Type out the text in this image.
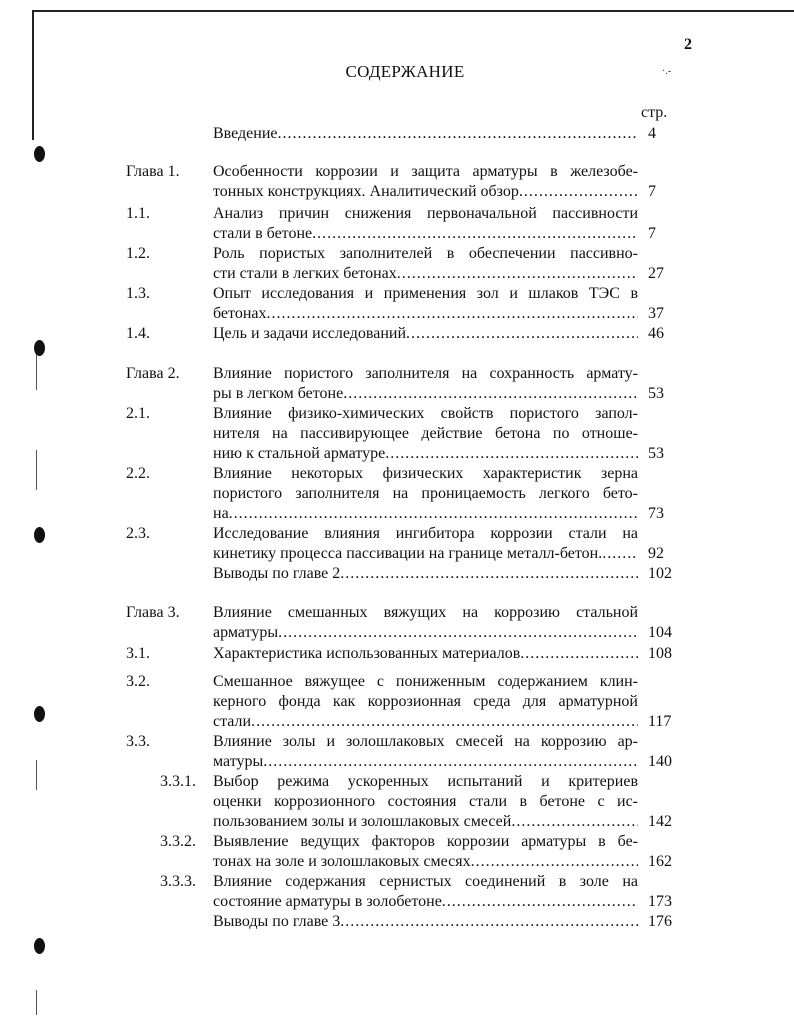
2
СОДЕРЖАНИЕ	·.-
стр.
Введение .....	4
Глава 1. Особенности коррозии и защита арматуры в железобе-
тонных конструкциях. Аналитический обзор .....	7
1.1.	Анализ причин снижения первоначальной пассивности
стали в бетоне .....	7
1.2.	Роль пористых заполнителей в обеспечении пассивно-
сти стали в легких бетонах .....	27
1.3.	Опыт исследования и применения зол и шлаков ТЭС в
бетонах .....	37
1.4.	Цель и задачи исследований .....	46
Глава 2. Влияние пористого заполнителя на сохранность армату-
ры в легком бетоне .....	53
2.1.	Влияние физико-химических свойств пористого запол-
нителя на пассивирующее действие бетона по отноше-
нию к стальной арматуре .....	53
2.2.	Влияние некоторых физических характеристик зерна
пористого заполнителя на проницаемость легкого бето-
на .....	73
2.3.	Исследование влияния ингибитора коррозии стали на
кинетику процесса пассивации на границе металл-бетон. .....	92
Выводы по главе 2 .....	102
Глава 3. Влияние смешанных вяжущих на коррозию стальной
арматуры .....	104
3.1.	Характеристика использованных материалов .....	108
3.2.	Смешанное вяжущее с пониженным содержанием клин-
керного фонда как коррозионная среда для арматурной
стали .....	117
3.3.	Влияние золы и золошлаковых смесей на коррозию ар-
матуры .....	140
3.3.1. Выбор режима ускоренных испытаний и критериев
оценки коррозионного состояния стали в бетоне с ис-
пользованием золы и золошлаковых смесей .....	142
3.3.2. Выявление ведущих факторов коррозии арматуры в бе-
тонах на золе и золошлаковых смесях .....	162
3.3.3. Влияние содержания сернистых соединений в золе на
состояние арматуры в золобетоне .....	173
Выводы по главе 3 .....	176
